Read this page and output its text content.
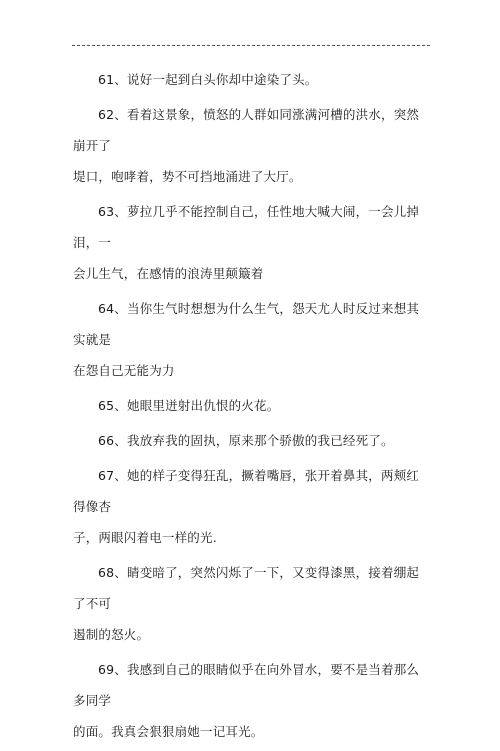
61、说好一起到白头你却中途染了头。
62、看着这景象，愤怒的人群如同涨满河槽的洪水，突然崩开了
堤口，咆哮着，势不可挡地涌进了大厅。
63、萝拉几乎不能控制自己，任性地大喊大闹，一会儿掉泪，一
会儿生气，在感情的浪涛里颠簸着
64、当你生气时想想为什么生气，怨天尤人时反过来想其实就是
在怨自己无能为力
65、她眼里迸射出仇恨的火花。
66、我放弃我的固执，原来那个骄傲的我已经死了。
67、她的样子变得狂乱，撅着嘴唇，张开着鼻其，两颊红得像杏
子，两眼闪着电一样的光.
68、睛变暗了，突然闪烁了一下，又变得漆黑，接着绷起了不可
遏制的怒火。
69、我感到自己的眼睛似乎在向外冒水，要不是当着那么多同学
的面。我真会狠狠扇她一记耳光。
